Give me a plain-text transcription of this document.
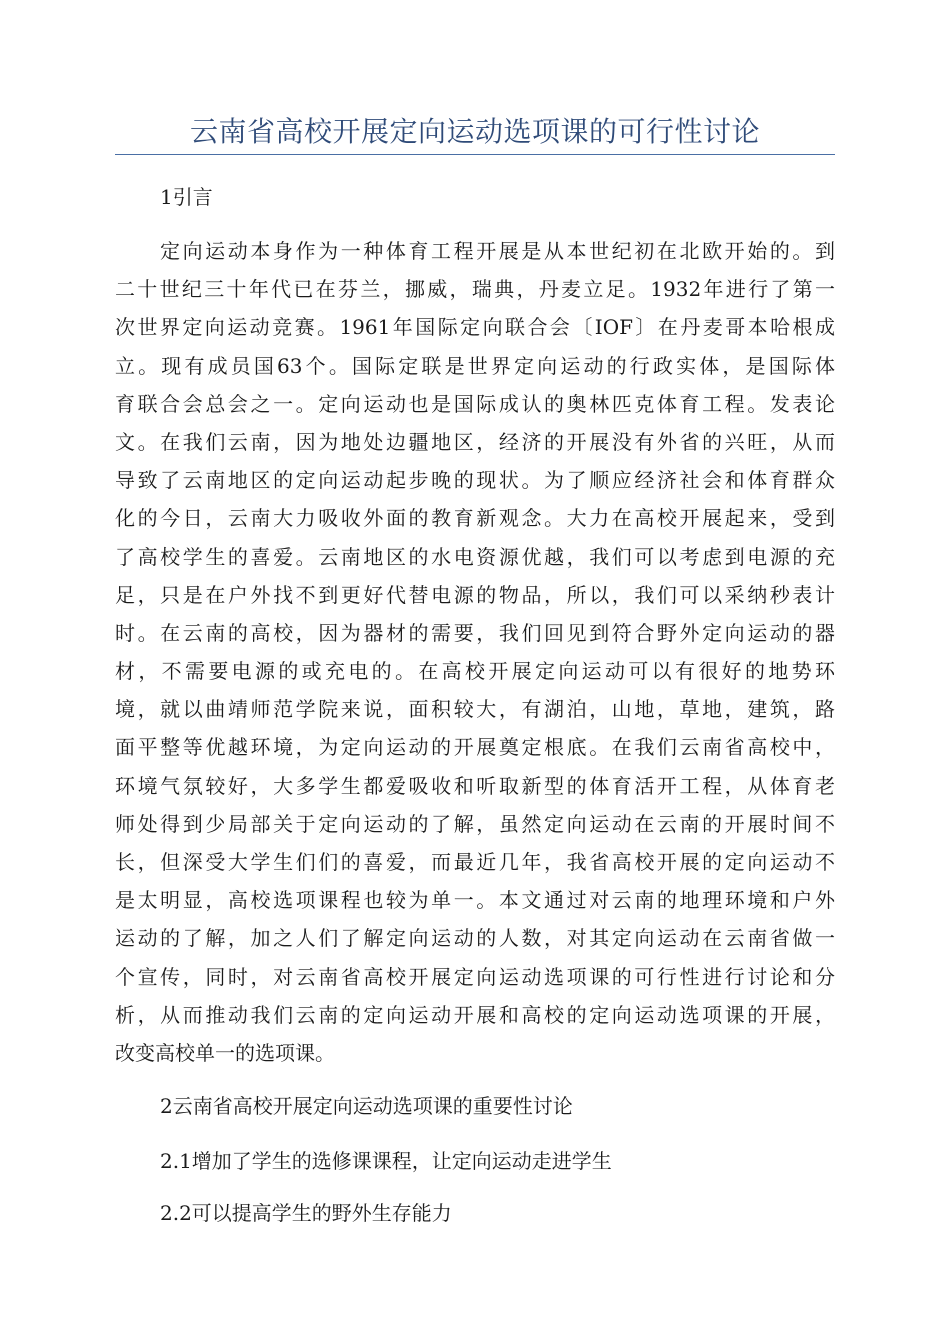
云南省高校开展定向运动选项课的可行性讨论
1引言
定向运动本身作为一种体育工程开展是从本世纪初在北欧开始的。到
二十世纪三十年代已在芬兰，挪威，瑞典，丹麦立足。1932年进行了第一
次世界定向运动竞赛。1961年国际定向联合会〔IOF〕在丹麦哥本哈根成
立。现有成员国63个。国际定联是世界定向运动的行政实体，是国际体
育联合会总会之一。定向运动也是国际成认的奥林匹克体育工程。发表论
文。在我们云南，因为地处边疆地区，经济的开展没有外省的兴旺，从而
导致了云南地区的定向运动起步晚的现状。为了顺应经济社会和体育群众
化的今日，云南大力吸收外面的教育新观念。大力在高校开展起来，受到
了高校学生的喜爱。云南地区的水电资源优越，我们可以考虑到电源的充
足，只是在户外找不到更好代替电源的物品，所以，我们可以采纳秒表计
时。在云南的高校，因为器材的需要，我们回见到符合野外定向运动的器
材，不需要电源的或充电的。在高校开展定向运动可以有很好的地势环
境，就以曲靖师范学院来说，面积较大，有湖泊，山地，草地，建筑，路
面平整等优越环境，为定向运动的开展奠定根底。在我们云南省高校中，
环境气氛较好，大多学生都爱吸收和听取新型的体育活开工程，从体育老
师处得到少局部关于定向运动的了解，虽然定向运动在云南的开展时间不
长，但深受大学生们们的喜爱，而最近几年，我省高校开展的定向运动不
是太明显，高校选项课程也较为单一。本文通过对云南的地理环境和户外
运动的了解，加之人们了解定向运动的人数，对其定向运动在云南省做一
个宣传，同时，对云南省高校开展定向运动选项课的可行性进行讨论和分
析，从而推动我们云南的定向运动开展和高校的定向运动选项课的开展，
改变高校单一的选项课。
2云南省高校开展定向运动选项课的重要性讨论
2.1增加了学生的选修课课程，让定向运动走进学生
2.2可以提高学生的野外生存能力
